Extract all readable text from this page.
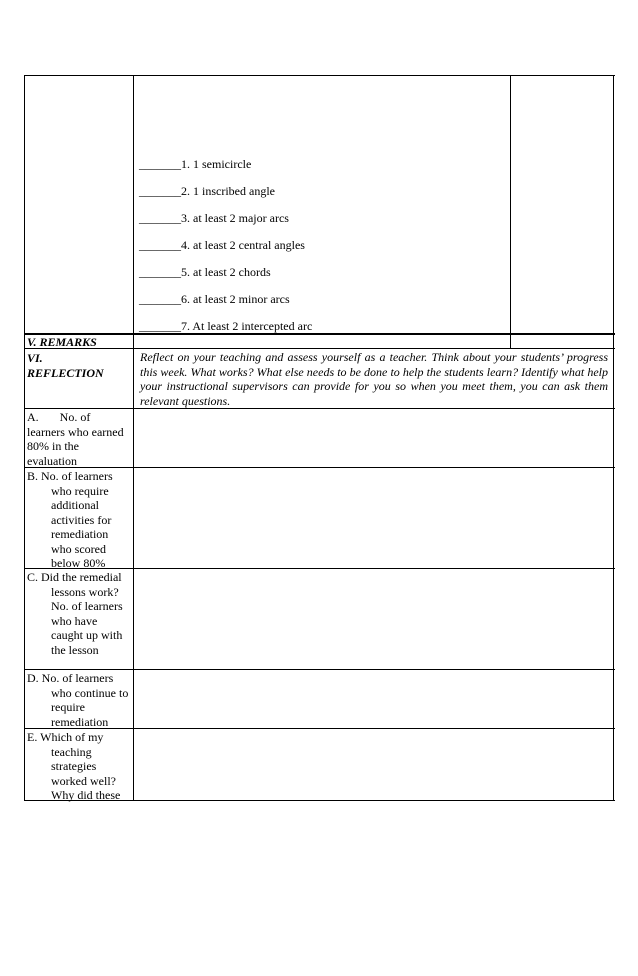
_______1. 1 semicircle
_______2. 1 inscribed angle
_______3. at least 2 major arcs
_______4. at least 2 central angles
_______5. at least 2 chords
_______6. at least 2 minor arcs
_______7. At least 2 intercepted arc
V. REMARKS
VI.
REFLECTION
Reflect on your teaching and assess yourself as a teacher. Think about your students’ progress this week. What works? What else needs to be done to help the students learn? Identify what help your instructional supervisors can provide for you so when you meet them, you can ask them relevant questions.
A.       No. of learners who earned 80% in the evaluation
B. No. of learners who require additional activities for remediation who scored below 80%
C. Did the remedial lessons work? No. of learners who have caught up with the lesson
D. No. of learners who continue to require remediation
E. Which of my teaching strategies worked well? Why did these
